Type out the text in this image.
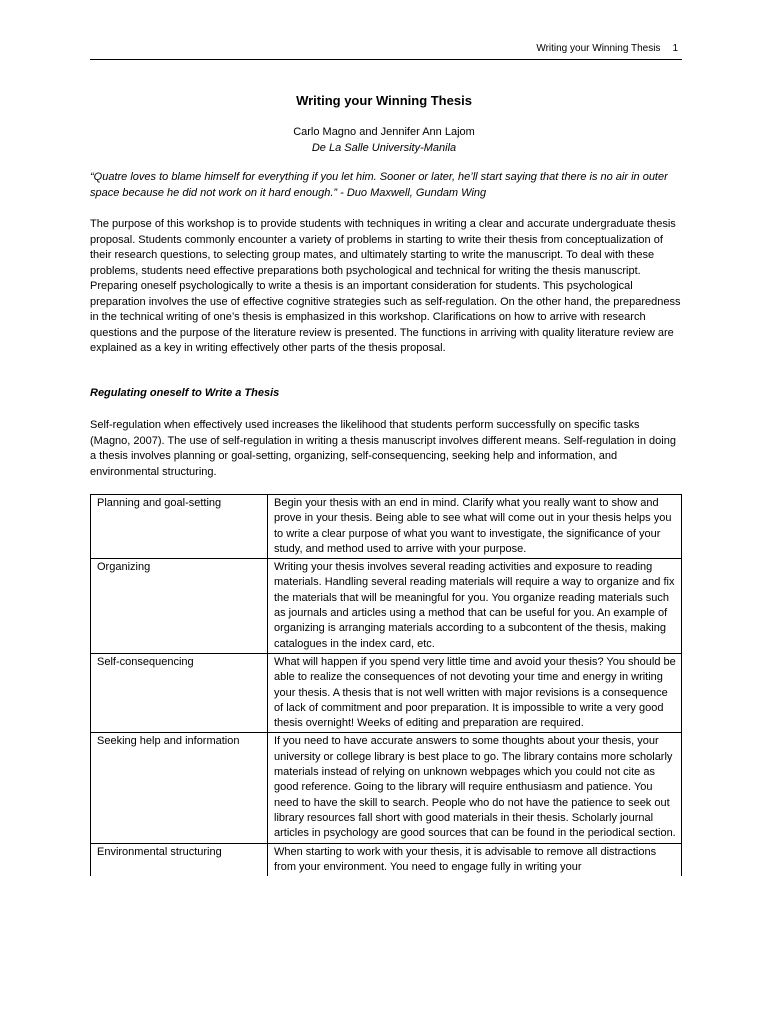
Writing your Winning Thesis 1
Writing your Winning Thesis
Carlo Magno and Jennifer Ann Lajom
De La Salle University-Manila
“Quatre loves to blame himself for everything if you let him. Sooner or later, he’ll start saying that there is no air in outer space because he did not work on it hard enough.” - Duo Maxwell, Gundam Wing
The purpose of this workshop is to provide students with techniques in writing a clear and accurate undergraduate thesis proposal. Students commonly encounter a variety of problems in starting to write their thesis from conceptualization of their research questions, to selecting group mates, and ultimately starting to write the manuscript. To deal with these problems, students need effective preparations both psychological and technical for writing the thesis manuscript. Preparing oneself psychologically to write a thesis is an important consideration for students. This psychological preparation involves the use of effective cognitive strategies such as self-regulation. On the other hand, the preparedness in the technical writing of one’s thesis is emphasized in this workshop. Clarifications on how to arrive with research questions and the purpose of the literature review is presented. The functions in arriving with quality literature review are explained as a key in writing effectively other parts of the thesis proposal.
Regulating oneself to Write a Thesis
Self-regulation when effectively used increases the likelihood that students perform successfully on specific tasks (Magno, 2007). The use of self-regulation in writing a thesis manuscript involves different means. Self-regulation in doing a thesis involves planning or goal-setting, organizing, self-consequencing, seeking help and information, and environmental structuring.
Planning and goal-setting	Begin your thesis with an end in mind. Clarify what you really want to show and prove in your thesis. Being able to see what will come out in your thesis helps you to write a clear purpose of what you want to investigate, the significance of your study, and method used to arrive with your purpose.
Organizing	Writing your thesis involves several reading activities and exposure to reading materials. Handling several reading materials will require a way to organize and fix the materials that will be meaningful for you. You organize reading materials such as journals and articles using a method that can be useful for you. An example of organizing is arranging materials according to a subcontent of the thesis, making catalogues in the index card, etc.
Self-consequencing	What will happen if you spend very little time and avoid your thesis? You should be able to realize the consequences of not devoting your time and energy in writing your thesis. A thesis that is not well written with major revisions is a consequence of lack of commitment and poor preparation. It is impossible to write a very good thesis overnight! Weeks of editing and preparation are required.
Seeking help and information	If you need to have accurate answers to some thoughts about your thesis, your university or college library is best place to go. The library contains more scholarly materials instead of relying on unknown webpages which you could not cite as good reference. Going to the library will require enthusiasm and patience. You need to have the skill to search. People who do not have the patience to seek out library resources fall short with good materials in their thesis. Scholarly journal articles in psychology are good sources that can be found in the periodical section.
Environmental structuring	When starting to work with your thesis, it is advisable to remove all distractions from your environment. You need to engage fully in writing your
